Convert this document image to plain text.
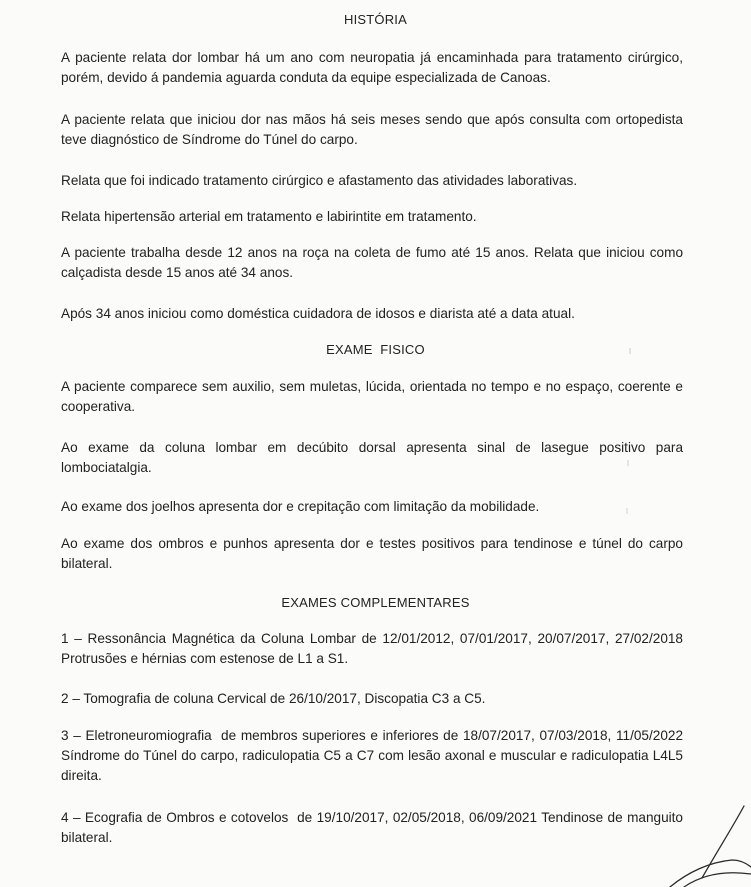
HISTÓRIA
A paciente relata dor lombar há um ano com neuropatia já encaminhada para tratamento cirúrgico, porém, devido á pandemia aguarda conduta da equipe especializada de Canoas.
A paciente relata que iniciou dor nas mãos há seis meses sendo que após consulta com ortopedista teve diagnóstico de Síndrome do Túnel do carpo.
Relata que foi indicado tratamento cirúrgico e afastamento das atividades laborativas.
Relata hipertensão arterial em tratamento e labirintite em tratamento.
A paciente trabalha desde 12 anos na roça na coleta de fumo até 15 anos. Relata que iniciou como calçadista desde 15 anos até 34 anos.
Após 34 anos iniciou como doméstica cuidadora de idosos e diarista até a data atual.
EXAME  FISICO
A paciente comparece sem auxilio, sem muletas, lúcida, orientada no tempo e no espaço, coerente e cooperativa.
Ao exame da coluna lombar em decúbito dorsal apresenta sinal de lasegue positivo para lombociatalgia.
Ao exame dos joelhos apresenta dor e crepitação com limitação da mobilidade.
Ao exame dos ombros e punhos apresenta dor e testes positivos para tendinose e túnel do carpo bilateral.
EXAMES COMPLEMENTARES
1 – Ressonância Magnética da Coluna Lombar de 12/01/2012, 07/01/2017, 20/07/2017, 27/02/2018 Protrusões e hérnias com estenose de L1 a S1.
2 – Tomografia de coluna Cervical de 26/10/2017, Discopatia C3 a C5.
3 – Eletroneuromiografia  de membros superiores e inferiores de 18/07/2017, 07/03/2018, 11/05/2022 Síndrome do Túnel do carpo, radiculopatia C5 a C7 com lesão axonal e muscular e radiculopatia L4L5 direita.
4 – Ecografia de Ombros e cotovelos  de 19/10/2017, 02/05/2018, 06/09/2021 Tendinose de manguito bilateral.
